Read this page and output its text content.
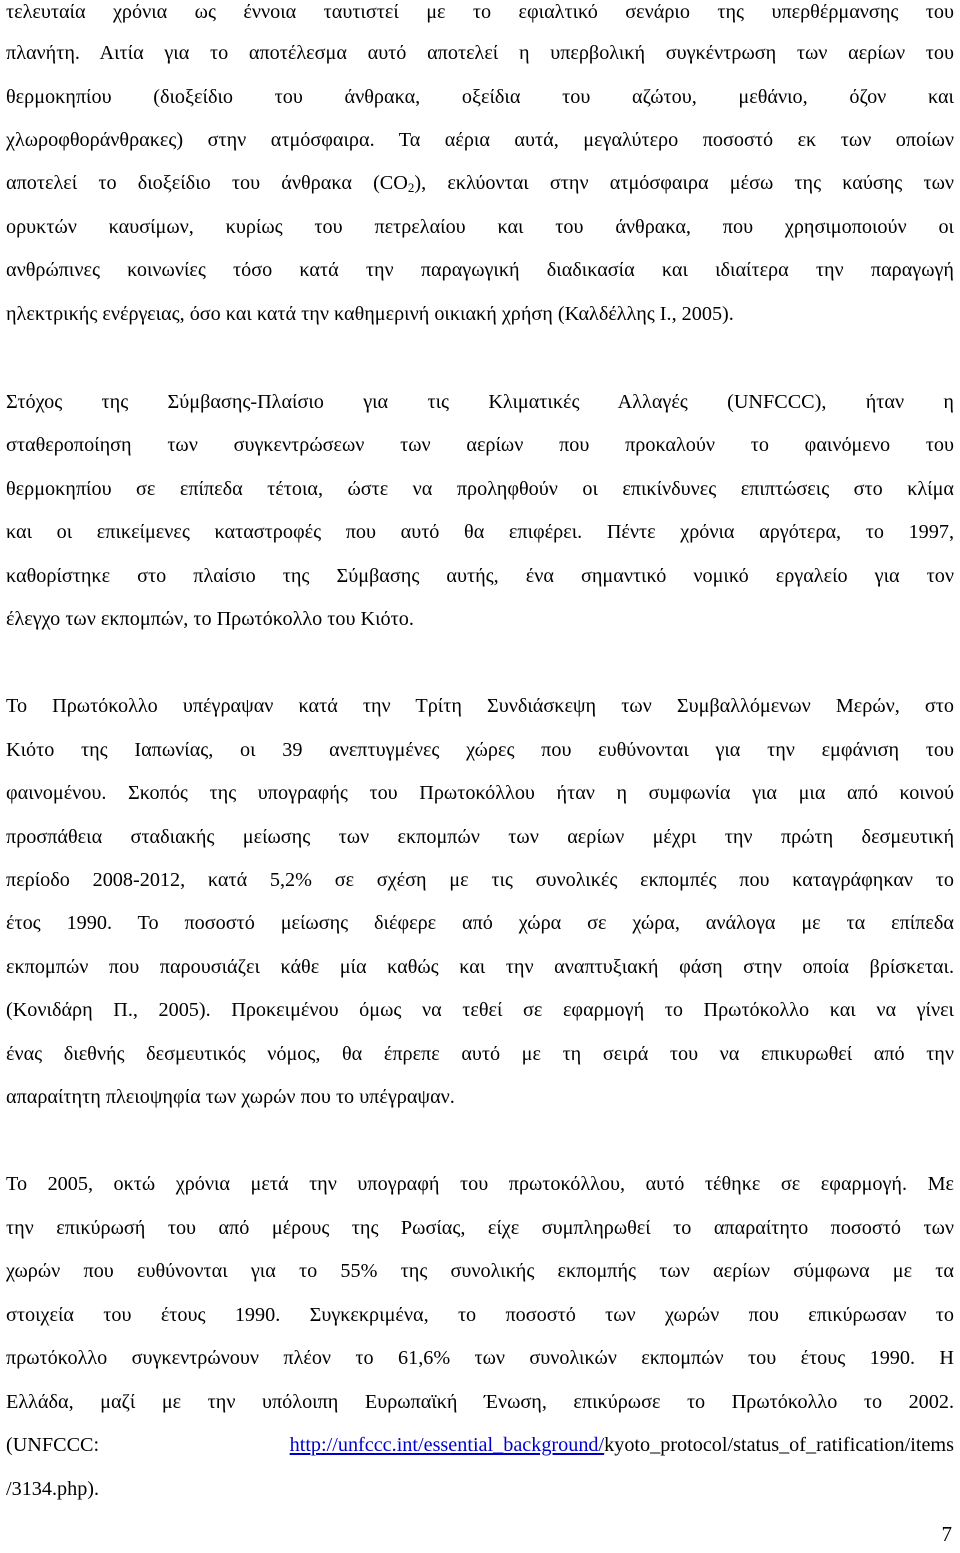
τελευταία χρόνια ως έννοια ταυτιστεί με το εφιαλτικό σενάριο της υπερθέρμανσης του
πλανήτη. Αιτία για το αποτέλεσμα αυτό αποτελεί η υπερβολική συγκέντρωση των αερίων του
θερμοκηπίου (διοξείδιο του άνθρακα, οξείδια του αζώτου, μεθάνιο, όζον και
χλωροφθοράνθρακες) στην ατμόσφαιρα. Τα αέρια αυτά, μεγαλύτερο ποσοστό εκ των οποίων
αποτελεί το διοξείδιο του άνθρακα $(CO_2)$, εκλύονται στην ατμόσφαιρα μέσω της καύσης των
ορυκτών καυσίμων, κυρίως του πετρελαίου και του άνθρακα, που χρησιμοποιούν οι
ανθρώπινες κοινωνίες τόσο κατά την παραγωγική διαδικασία και ιδιαίτερα την παραγωγή
ηλεκτρικής ενέργειας, όσο και κατά την καθημερινή οικιακή χρήση (Καλδέλλης Ι., 2005).
Στόχος της Σύμβασης-Πλαίσιο για τις Κλιματικές Αλλαγές (UNFCCC), ήταν η
σταθεροποίηση των συγκεντρώσεων των αερίων που προκαλούν το φαινόμενο του
θερμοκηπίου σε επίπεδα τέτοια, ώστε να προληφθούν οι επικίνδυνες επιπτώσεις στο κλίμα
και οι επικείμενες καταστροφές που αυτό θα επιφέρει. Πέντε χρόνια αργότερα, το 1997,
καθορίστηκε στο πλαίσιο της Σύμβασης αυτής, ένα σημαντικό νομικό εργαλείο για τον
έλεγχο των εκπομπών, το Πρωτόκολλο του Κιότο.
Το Πρωτόκολλο υπέγραψαν κατά την Τρίτη Συνδιάσκεψη των Συμβαλλόμενων Μερών, στο
Κιότο της Ιαπωνίας, οι 39 ανεπτυγμένες χώρες που ευθύνονται για την εμφάνιση του
φαινομένου. Σκοπός της υπογραφής του Πρωτοκόλλου ήταν η συμφωνία για μια από κοινού
προσπάθεια σταδιακής μείωσης των εκπομπών των αερίων μέχρι την πρώτη δεσμευτική
περίοδο 2008-2012, κατά 5,2% σε σχέση με τις συνολικές εκπομπές που καταγράφηκαν το
έτος 1990. Το ποσοστό μείωσης διέφερε από χώρα σε χώρα, ανάλογα με τα επίπεδα
εκπομπών που παρουσιάζει κάθε μία καθώς και την αναπτυξιακή φάση στην οποία βρίσκεται.
(Κονιδάρη Π., 2005). Προκειμένου όμως να τεθεί σε εφαρμογή το Πρωτόκολλο και να γίνει
ένας διεθνής δεσμευτικός νόμος, θα έπρεπε αυτό με τη σειρά του να επικυρωθεί από την
απαραίτητη πλειοψηφία των χωρών που το υπέγραψαν.
Το 2005, οκτώ χρόνια μετά την υπογραφή του πρωτοκόλλου, αυτό τέθηκε σε εφαρμογή. Με
την επικύρωσή του από μέρους της Ρωσίας, είχε συμπληρωθεί το απαραίτητο ποσοστό των
χωρών που ευθύνονται για το 55% της συνολικής εκπομπής των αερίων σύμφωνα με τα
στοιχεία του έτους 1990. Συγκεκριμένα, το ποσοστό των χωρών που επικύρωσαν το
πρωτόκολλο συγκεντρώνουν πλέον το 61,6% των συνολικών εκπομπών του έτους 1990. Η
Ελλάδα, μαζί με την υπόλοιπη Ευρωπαϊκή Ένωση, επικύρωσε το Πρωτόκολλο το 2002.
(UNFCCC: http://unfccc.int/essential_background/kyoto_protocol/status_of_ratification/items
/3134.php).
7
